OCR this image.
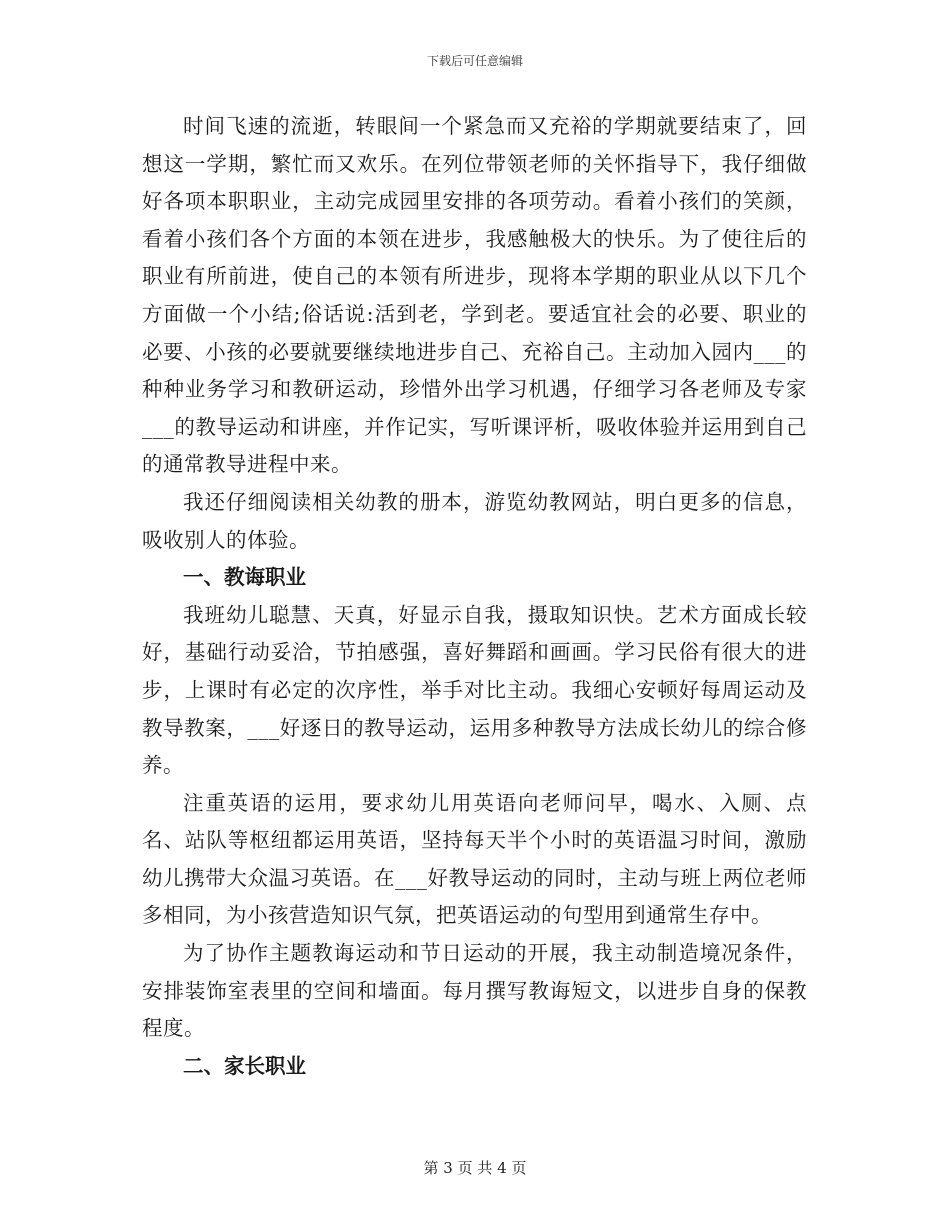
下载后可任意编辑

时间飞速的流逝，转眼间一个紧急而又充裕的学期就要结束了，回想这一学期，繁忙而又欢乐。在列位带领老师的关怀指导下，我仔细做好各项本职职业，主动完成园里安排的各项劳动。看着小孩们的笑颜，看着小孩们各个方面的本领在进步，我感触极大的快乐。为了使往后的职业有所前进，使自己的本领有所进步，现将本学期的职业从以下几个方面做一个小结;俗话说:活到老，学到老。要适宜社会的必要、职业的必要、小孩的必要就要继续地进步自己、充裕自己。主动加入园内___的种种业务学习和教研运动，珍惜外出学习机遇，仔细学习各老师及专家___的教导运动和讲座，并作记实，写听课评析，吸收体验并运用到自己的通常教导进程中来。

我还仔细阅读相关幼教的册本，游览幼教网站，明白更多的信息，吸收别人的体验。

一、教诲职业

我班幼儿聪慧、天真，好显示自我，摄取知识快。艺术方面成长较好，基础行动妥洽，节拍感强，喜好舞蹈和画画。学习民俗有很大的进步，上课时有必定的次序性，举手对比主动。我细心安顿好每周运动及教导教案，___好逐日的教导运动，运用多种教导方法成长幼儿的综合修养。

注重英语的运用，要求幼儿用英语向老师问早，喝水、入厕、点名、站队等枢纽都运用英语，坚持每天半个小时的英语温习时间，激励幼儿携带大众温习英语。在___好教导运动的同时，主动与班上两位老师多相同，为小孩营造知识气氛，把英语运动的句型用到通常生存中。

为了协作主题教诲运动和节日运动的开展，我主动制造境况条件，安排装饰室表里的空间和墙面。每月撰写教诲短文，以进步自身的保教程度。

二、家长职业

第 3 页 共 4 页
